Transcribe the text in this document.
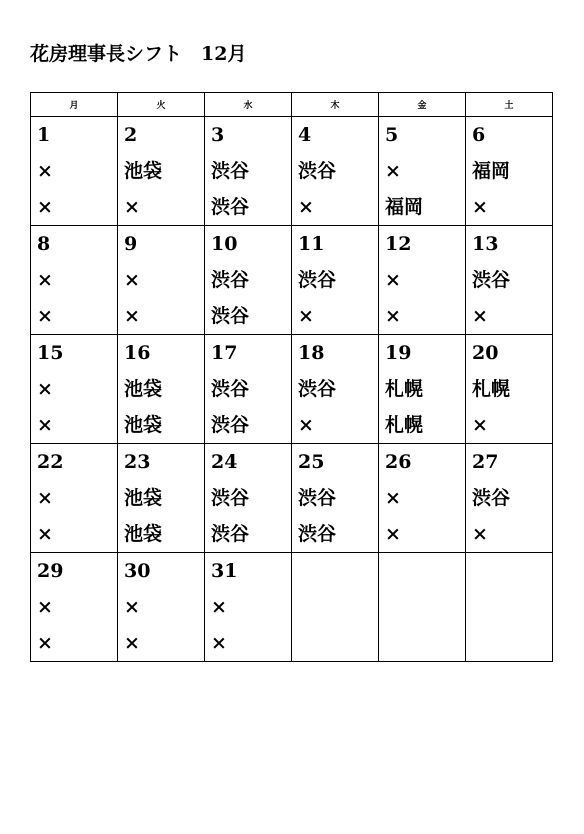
花房理事長シフト　12月
月	火	水	木	金	土

1
×
×	2
池袋
×	3
渋谷
渋谷	4
渋谷
×	5
×
福岡	6
福岡
×

8
×
×	9
×
×	10
渋谷
渋谷	11
渋谷
×	12
×
×	13
渋谷
×

15
×
×	16
池袋
池袋	17
渋谷
渋谷	18
渋谷
×	19
札幌
札幌	20
札幌
×

22
×
×	23
池袋
池袋	24
渋谷
渋谷	25
渋谷
渋谷	26
×
×	27
渋谷
×

29
×
×	30
×
×	31
×
×			
